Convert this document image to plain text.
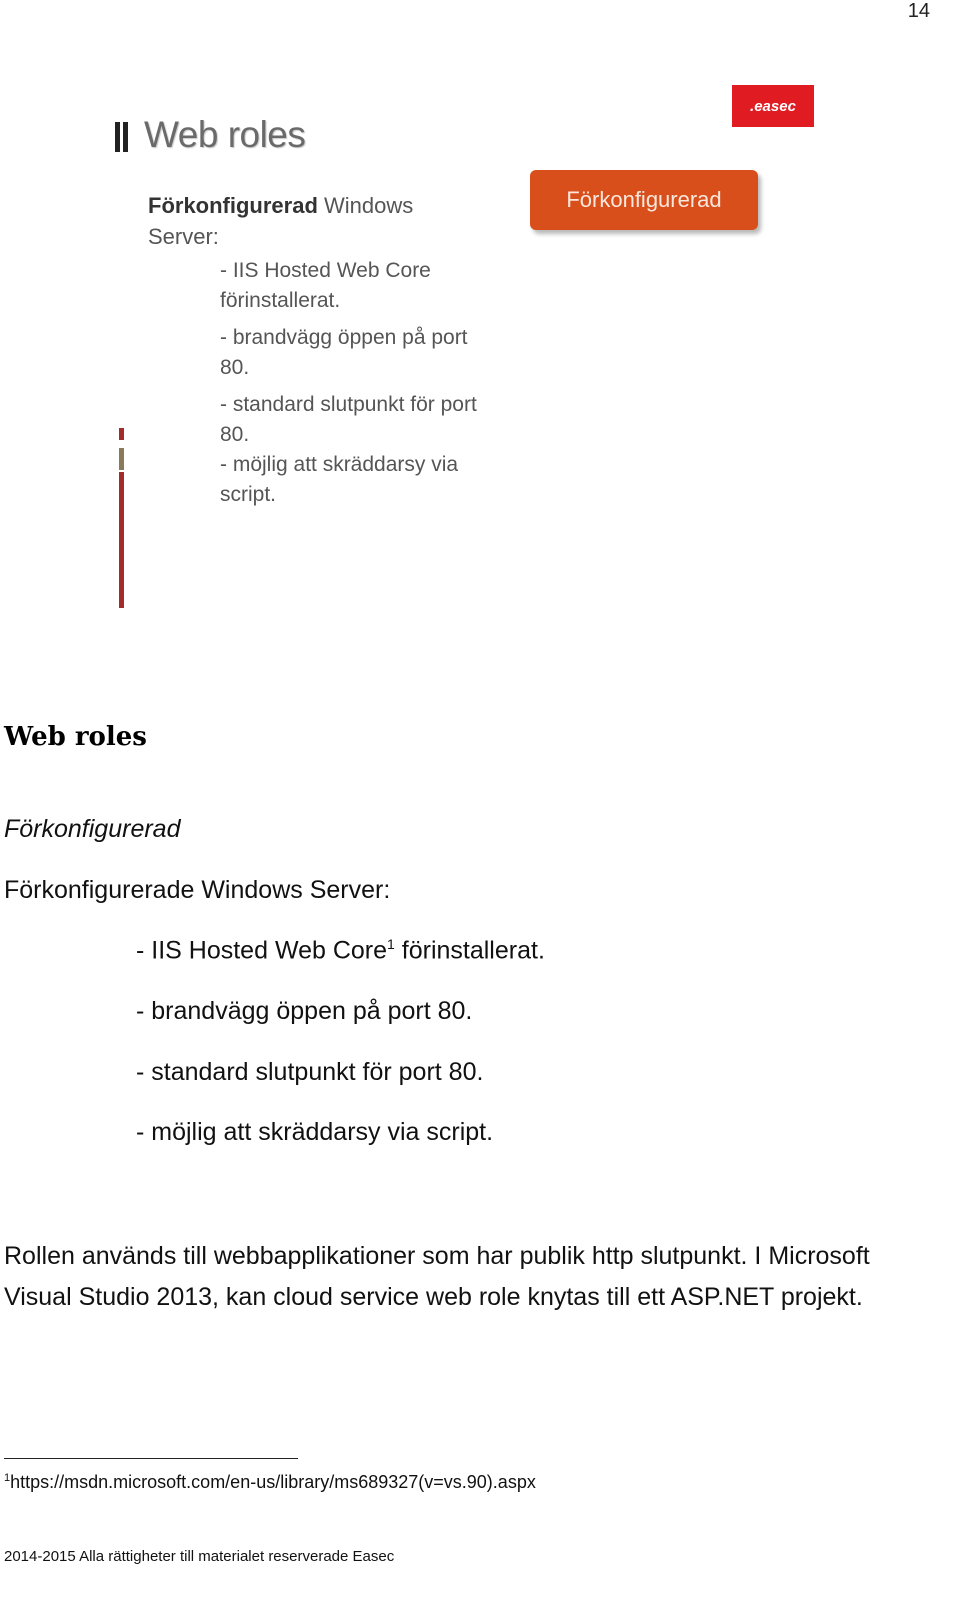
14
.easec
Web roles
Förkonfigurerad Windows Server:
- IIS Hosted Web Core förinstallerat.
- brandvägg öppen på port 80.
- standard slutpunkt för port 80.
- möjlig att skräddarsy via script.
Förkonfigurerad
Web roles
Förkonfigurerad
Förkonfigurerade Windows Server:
- IIS Hosted Web Core$^1$ förinstallerat.
- brandvägg öppen på port 80.
- standard slutpunkt för port 80.
- möjlig att skräddarsy via script.
Rollen används till webbapplikationer som har publik http slutpunkt. I Microsoft Visual Studio 2013, kan cloud service web role knytas till ett ASP.NET projekt.
$^1$https://msdn.microsoft.com/en-us/library/ms689327(v=vs.90).aspx
2014-2015 Alla rättigheter till materialet reserverade Easec
